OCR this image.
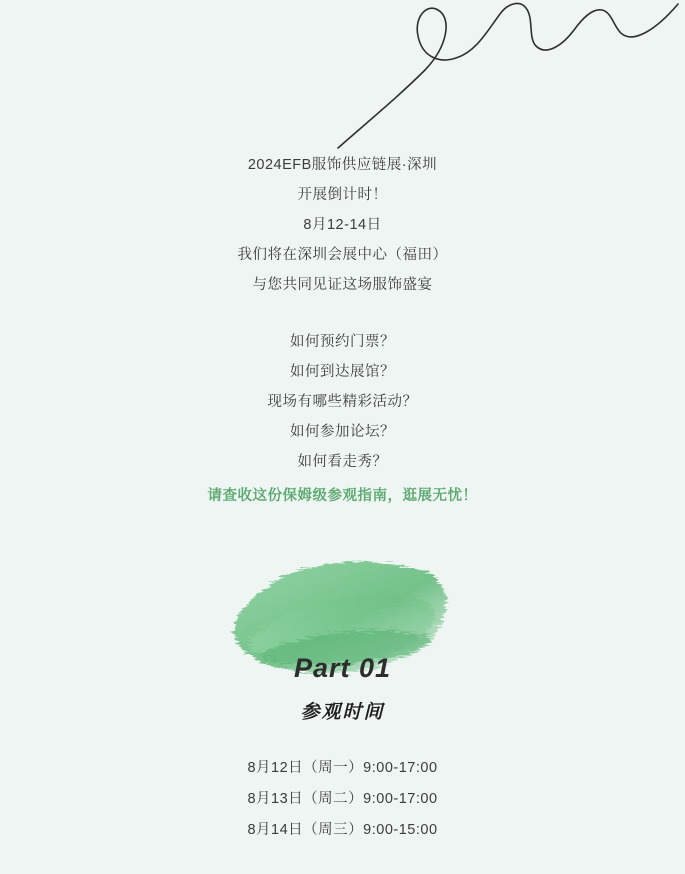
2024EFB服饰供应链展·深圳
开展倒计时！
8月12-14日
我们将在深圳会展中心（福田）
与您共同见证这场服饰盛宴
如何预约门票？
如何到达展馆？
现场有哪些精彩活动？
如何参加论坛？
如何看走秀？
请查收这份保姆级参观指南，逛展无忧！
Part 01
参观时间
8月12日（周一）9:00-17:00
8月13日（周二）9:00-17:00
8月14日（周三）9:00-15:00
